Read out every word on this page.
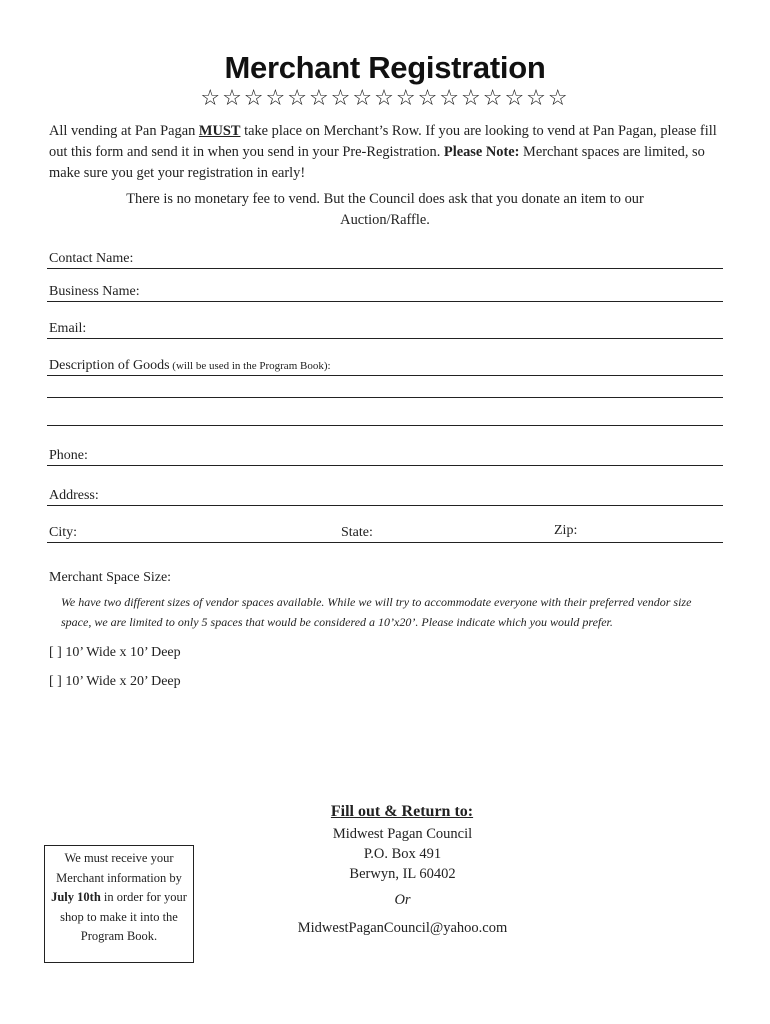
Merchant Registration
☆☆☆☆☆☆☆☆☆☆☆☆☆☆☆☆☆
All vending at Pan Pagan MUST take place on Merchant’s Row. If you are looking to vend at Pan Pagan, please fill out this form and send it in when you send in your Pre-Registration. Please Note: Merchant spaces are limited, so make sure you get your registration in early!
There is no monetary fee to vend. But the Council does ask that you donate an item to our Auction/Raffle.
Contact Name:
Business Name:
Email:
Description of Goods (will be used in the Program Book):
Phone:
Address:
City:	State:	Zip:
Merchant Space Size:
We have two different sizes of vendor spaces available. While we will try to accommodate everyone with their preferred vendor size space, we are limited to only 5 spaces that would be considered a 10’x20’. Please indicate which you would prefer.
[ ] 10’ Wide x 10’ Deep
[ ] 10’ Wide x 20’ Deep
Fill out & Return to:
Midwest Pagan Council
P.O. Box 491
Berwyn, IL 60402
Or
MidwestPaganCouncil@yahoo.com
We must receive your Merchant information by July 10th in order for your shop to make it into the Program Book.
